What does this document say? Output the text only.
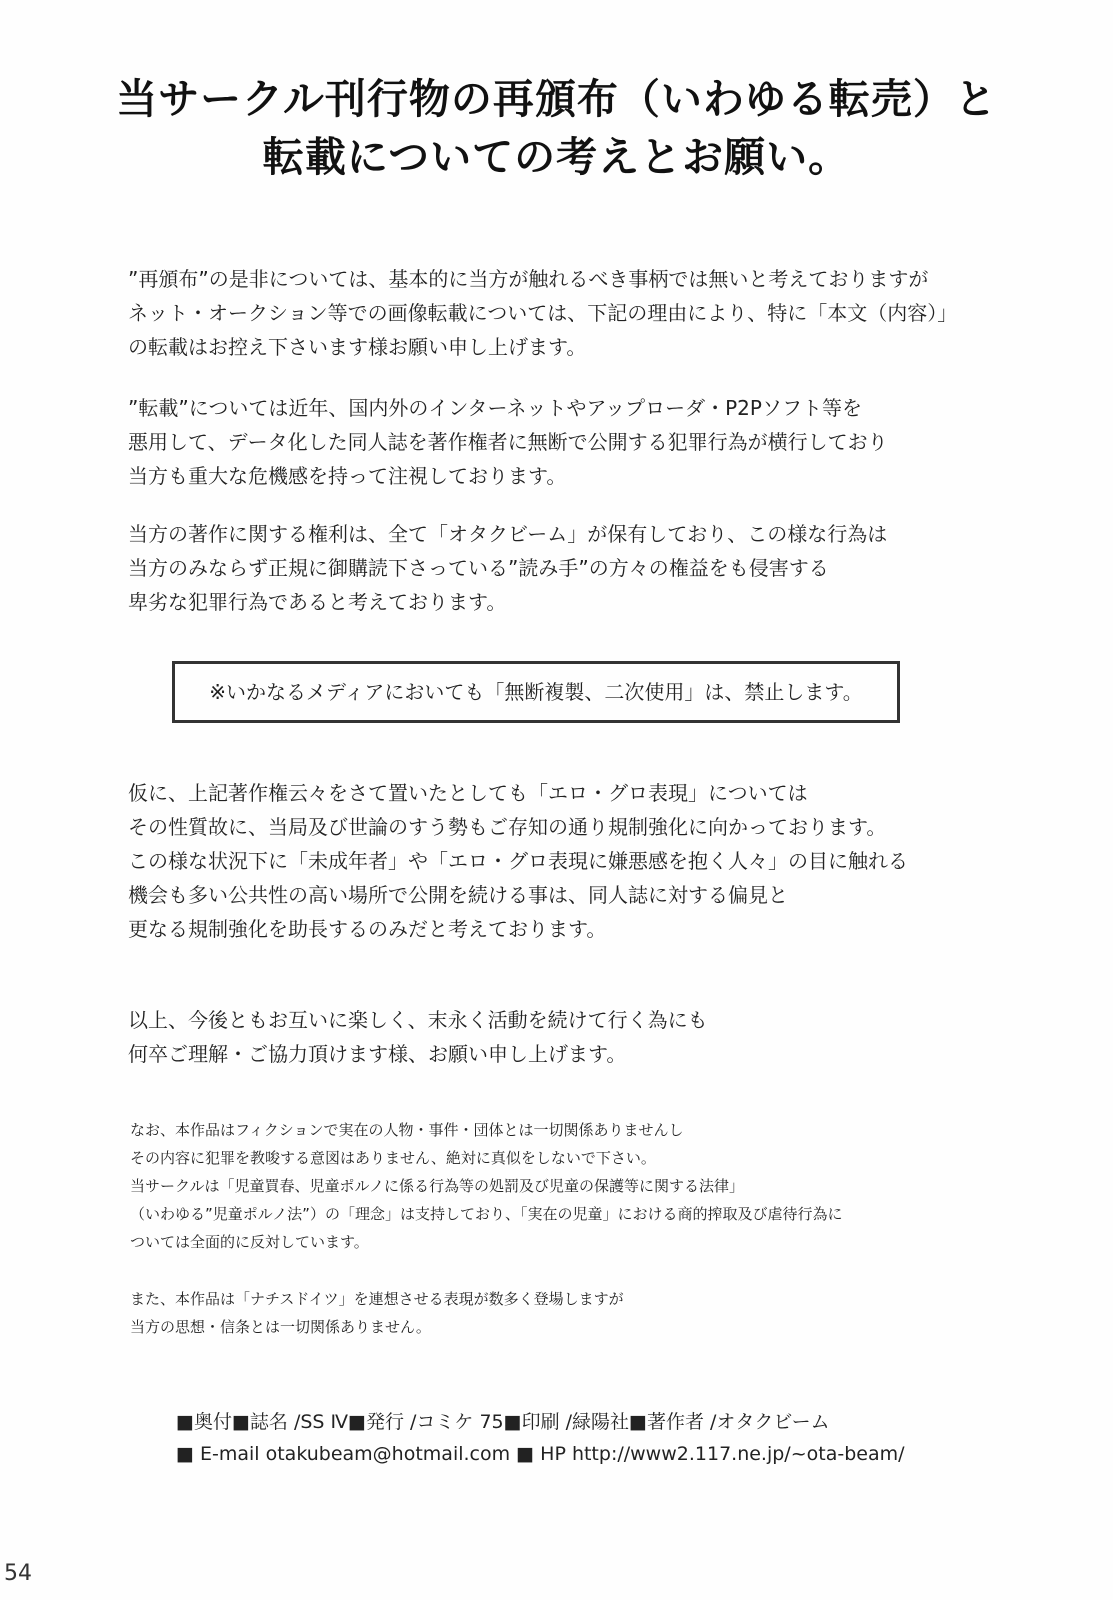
当サークル刊行物の再頒布（いわゆる転売）と
転載についての考えとお願い。
”再頒布”の是非については、基本的に当方が触れるべき事柄では無いと考えておりますが
ネット・オークション等での画像転載については、下記の理由により、特に「本文（内容）」
の転載はお控え下さいます様お願い申し上げます。
”転載”については近年、国内外のインターネットやアップローダ・P2Pソフト等を
悪用して、データ化した同人誌を著作権者に無断で公開する犯罪行為が横行しており
当方も重大な危機感を持って注視しております。
当方の著作に関する権利は、全て「オタクビーム」が保有しており、この様な行為は
当方のみならず正規に御購読下さっている”読み手”の方々の権益をも侵害する
卑劣な犯罪行為であると考えております。
※いかなるメディアにおいても「無断複製、二次使用」は、禁止します。
仮に、上記著作権云々をさて置いたとしても「エロ・グロ表現」については
その性質故に、当局及び世論のすう勢もご存知の通り規制強化に向かっております。
この様な状況下に「未成年者」や「エロ・グロ表現に嫌悪感を抱く人々」の目に触れる
機会も多い公共性の高い場所で公開を続ける事は、同人誌に対する偏見と
更なる規制強化を助長するのみだと考えております。
以上、今後ともお互いに楽しく、末永く活動を続けて行く為にも
何卒ご理解・ご協力頂けます様、お願い申し上げます。
なお、本作品はフィクションで実在の人物・事件・団体とは一切関係ありませんし
その内容に犯罪を教唆する意図はありません、絶対に真似をしないで下さい。
当サークルは「児童買春、児童ポルノに係る行為等の処罰及び児童の保護等に関する法律」
（いわゆる”児童ポルノ法”）の「理念」は支持しており、「実在の児童」における商的搾取及び虐待行為に
ついては全面的に反対しています。
また、本作品は「ナチスドイツ」を連想させる表現が数多く登場しますが
当方の思想・信条とは一切関係ありません。
■奥付■誌名 /SS Ⅳ■発行 /コミケ 75■印刷 /緑陽社■著作者 /オタクビーム
■ E-mail otakubeam@hotmail.com ■ HP http://www2.117.ne.jp/~ota-beam/
54
